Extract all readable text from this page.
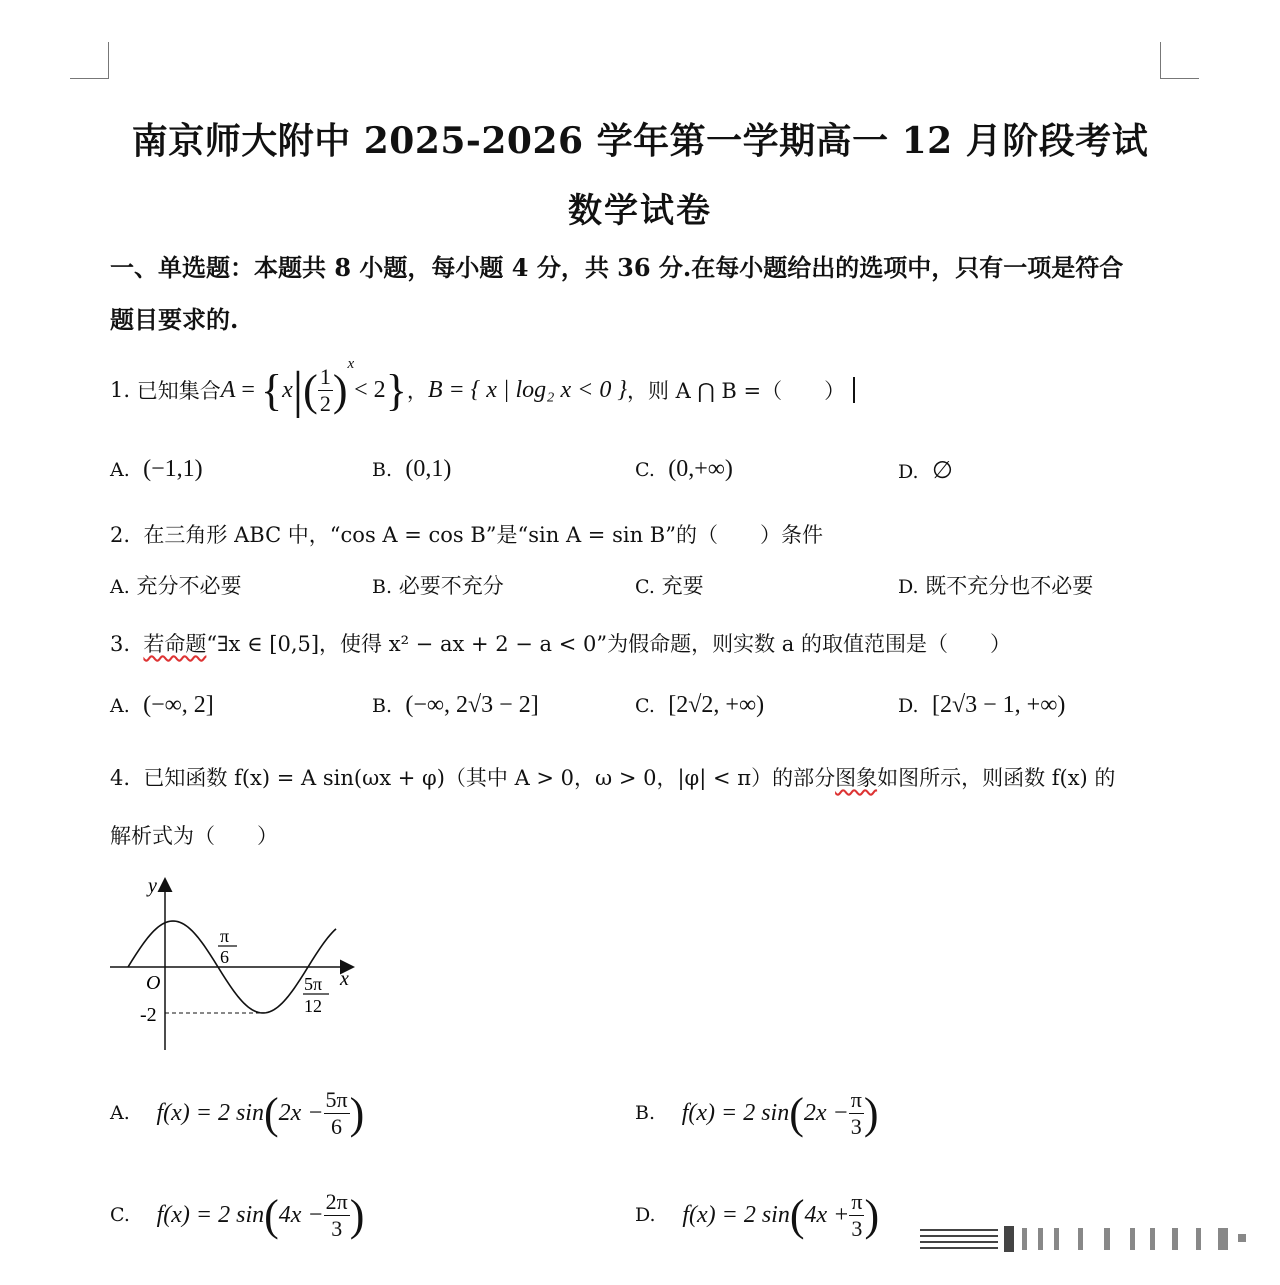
南京师大附中 2025-2026 学年第一学期高一 12 月阶段考试
数学试卷
一、单选题：本题共 8 小题，每小题 4 分，共 36 分.在每小题给出的选项中，只有一项是符合
题目要求的.
1.
已知集合 A = { x | ( $\frac{1}{2}$ )
x
< 2 } ， B = { x | log₂ x < 0 } ，则 A ⋂ B =（　　）
A. (−1,1)	B. (0,1)	C. (0,+∞)	D. ∅
2. 在三角形 ABC 中，“cos A = cos B”是“sin A = sin B”的（　　）条件
A. 充分不必要	B. 必要不充分	C. 充要	D. 既不充分也不必要
3. 若命题“∃x ∈ [0,5]，使得 x² − ax + 2 − a < 0”为假命题，则实数 a 的取值范围是（　　）
A. (−∞, 2]	B. (−∞, 2√3 − 2]	C. [2√2, +∞)	D. [2√3 − 1, +∞)
4. 已知函数 f(x) = A sin(ωx + φ)（其中 A > 0，ω > 0，|φ| < π）的部分图象如图所示，则函数 f(x) 的
解析式为（　　）
y
x
O
-2
π
6
5π
12
A.
f(x) = 2 sin ( $2x - \frac{5\pi}{6}$ )	B.
f(x) = 2 sin ( $2x - \frac{\pi}{3}$ )
C.
f(x) = 2 sin ( $4x - \frac{2\pi}{3}$ )	D.
f(x) = 2 sin ( $4x + \frac{\pi}{3}$ )
